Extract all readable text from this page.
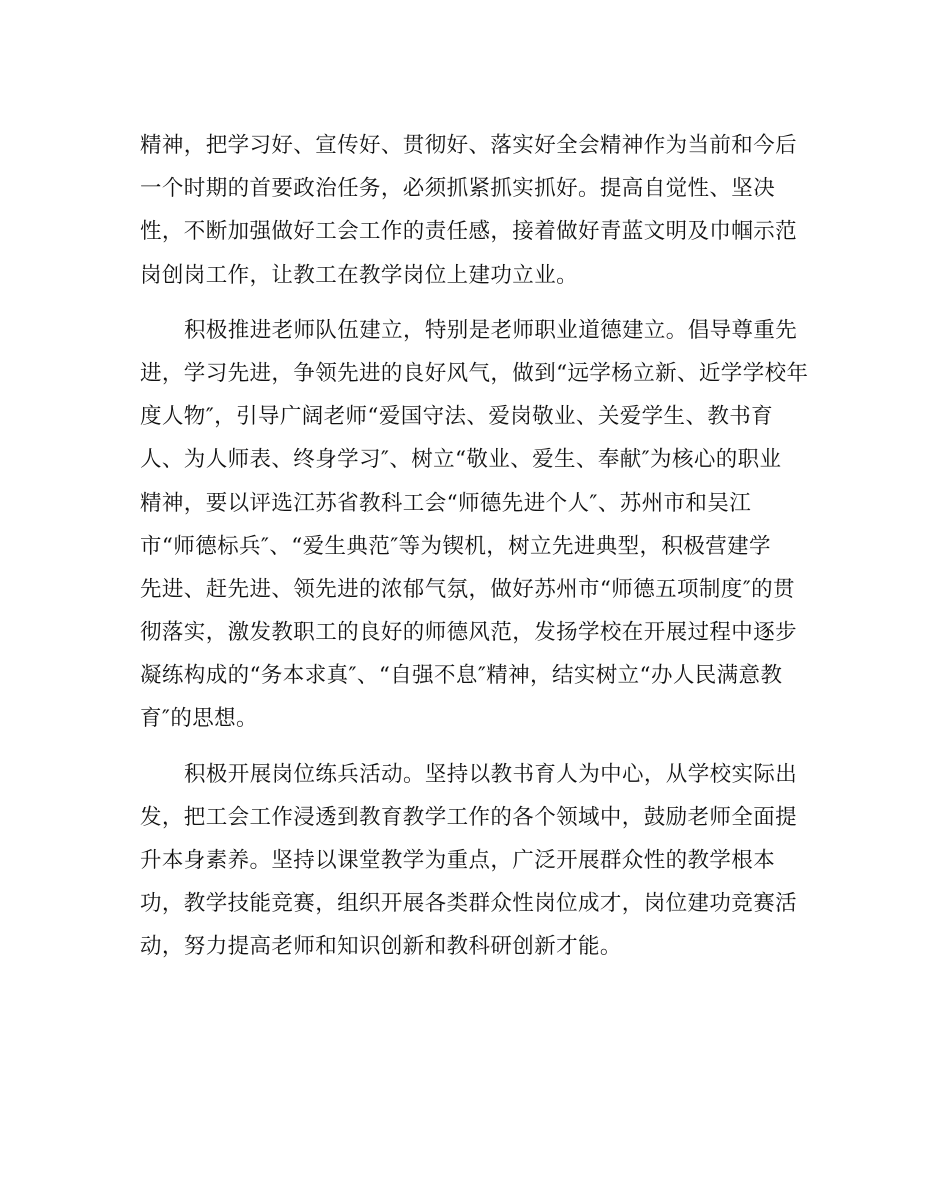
精神，把学习好、宣传好、贯彻好、落实好全会精神作为当前和今后
一个时期的首要政治任务，必须抓紧抓实抓好。提高自觉性、坚决
性，不断加强做好工会工作的责任感，接着做好青蓝文明及巾帼示范
岗创岗工作，让教工在教学岗位上建功立业。
积极推进老师队伍建立，特别是老师职业道德建立。倡导尊重先
进，学习先进，争领先进的良好风气，做到“远学杨立新、近学学校年
度人物″，引导广阔老师“爱国守法、爱岗敬业、关爱学生、教书育
人、为人师表、终身学习″、树立“敬业、爱生、奉献″为核心的职业
精神，要以评选江苏省教科工会“师德先进个人″、苏州市和吴江
市“师德标兵″、“爱生典范″等为锲机，树立先进典型，积极营建学
先进、赶先进、领先进的浓郁气氛，做好苏州市“师德五项制度″的贯
彻落实，激发教职工的良好的师德风范，发扬学校在开展过程中逐步
凝练构成的“务本求真″、“自强不息″精神，结实树立“办人民满意教
育″的思想。
积极开展岗位练兵活动。坚持以教书育人为中心，从学校实际出
发，把工会工作浸透到教育教学工作的各个领域中，鼓励老师全面提
升本身素养。坚持以课堂教学为重点，广泛开展群众性的教学根本
功，教学技能竞赛，组织开展各类群众性岗位成才，岗位建功竞赛活
动，努力提高老师和知识创新和教科研创新才能。
